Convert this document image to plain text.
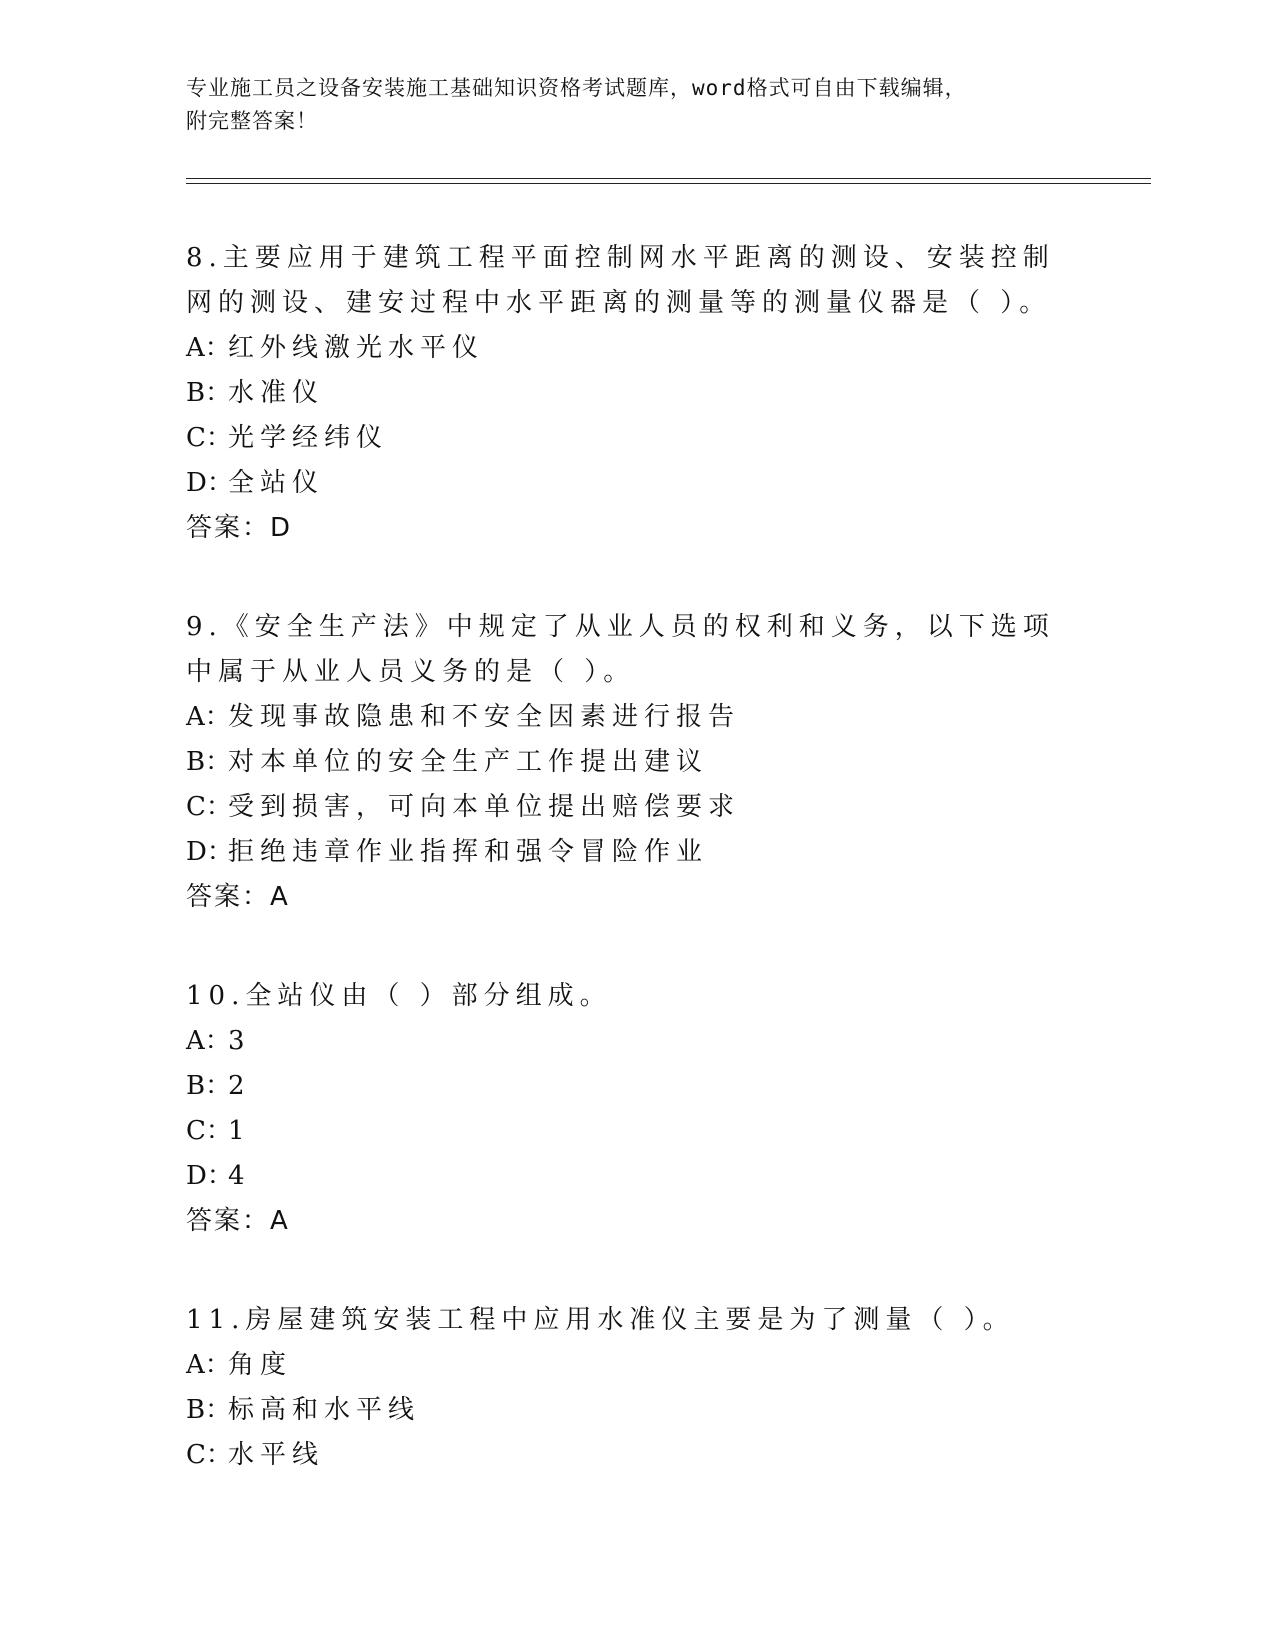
专业施工员之设备安装施工基础知识资格考试题库，word格式可自由下载编辑，
附完整答案！

8.主要应用于建筑工程平面控制网水平距离的测设、安装控制网的测设、建安过程中水平距离的测量等的测量仪器是（ ）。

A：红外线激光水平仪
B：水准仪
C：光学经纬仪
D：全站仪

答案：D

9.《安全生产法》中规定了从业人员的权利和义务，以下选项中属于从业人员义务的是（ ）。

A：发现事故隐患和不安全因素进行报告
B：对本单位的安全生产工作提出建议
C：受到损害，可向本单位提出赔偿要求
D：拒绝违章作业指挥和强令冒险作业

答案：A

10.全站仪由（ ）部分组成。

A：3
B：2
C：1
D：4

答案：A

11.房屋建筑安装工程中应用水准仪主要是为了测量（ ）。

A：角度
B：标高和水平线
C：水平线
